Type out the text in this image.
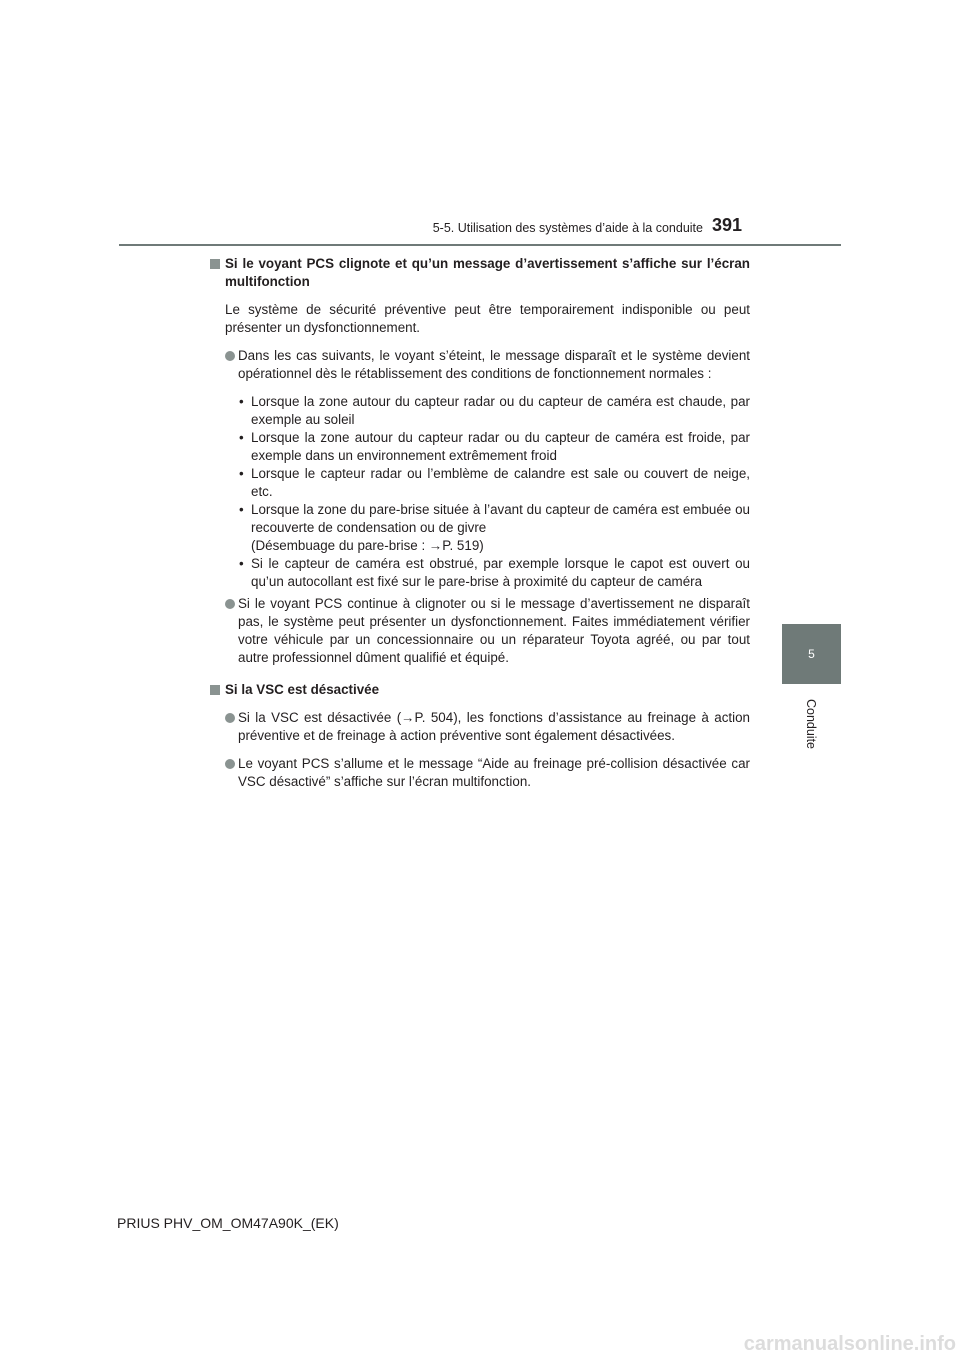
5-5. Utilisation des systèmes d’aide à la conduite 391
5
Conduite
Si le voyant PCS clignote et qu’un message d’avertissement s’affiche sur l’écran multifonction
Le système de sécurité préventive peut être temporairement indisponible ou peut présenter un dysfonctionnement.
Dans les cas suivants, le voyant s’éteint, le message disparaît et le système devient opérationnel dès le rétablissement des conditions de fonctionnement normales :
• Lorsque la zone autour du capteur radar ou du capteur de caméra est chaude, par exemple au soleil
• Lorsque la zone autour du capteur radar ou du capteur de caméra est froide, par exemple dans un environnement extrêmement froid
• Lorsque le capteur radar ou l’emblème de calandre est sale ou couvert de neige, etc.
• Lorsque la zone du pare-brise située à l’avant du capteur de caméra est embuée ou recouverte de condensation ou de givre
(Désembuage du pare-brise : →P. 519)
• Si le capteur de caméra est obstrué, par exemple lorsque le capot est ouvert ou qu’un autocollant est fixé sur le pare-brise à proximité du capteur de caméra
Si le voyant PCS continue à clignoter ou si le message d’avertissement ne disparaît pas, le système peut présenter un dysfonctionnement. Faites immédiatement vérifier votre véhicule par un concessionnaire ou un réparateur Toyota agréé, ou par tout autre professionnel dûment qualifié et équipé.
Si la VSC est désactivée
Si la VSC est désactivée (→P. 504), les fonctions d’assistance au freinage à action préventive et de freinage à action préventive sont également désactivées.
Le voyant PCS s’allume et le message “Aide au freinage pré-collision désactivée car VSC désactivé” s’affiche sur l’écran multifonction.
PRIUS PHV_OM_OM47A90K_(EK)
carmanualsonline.info
